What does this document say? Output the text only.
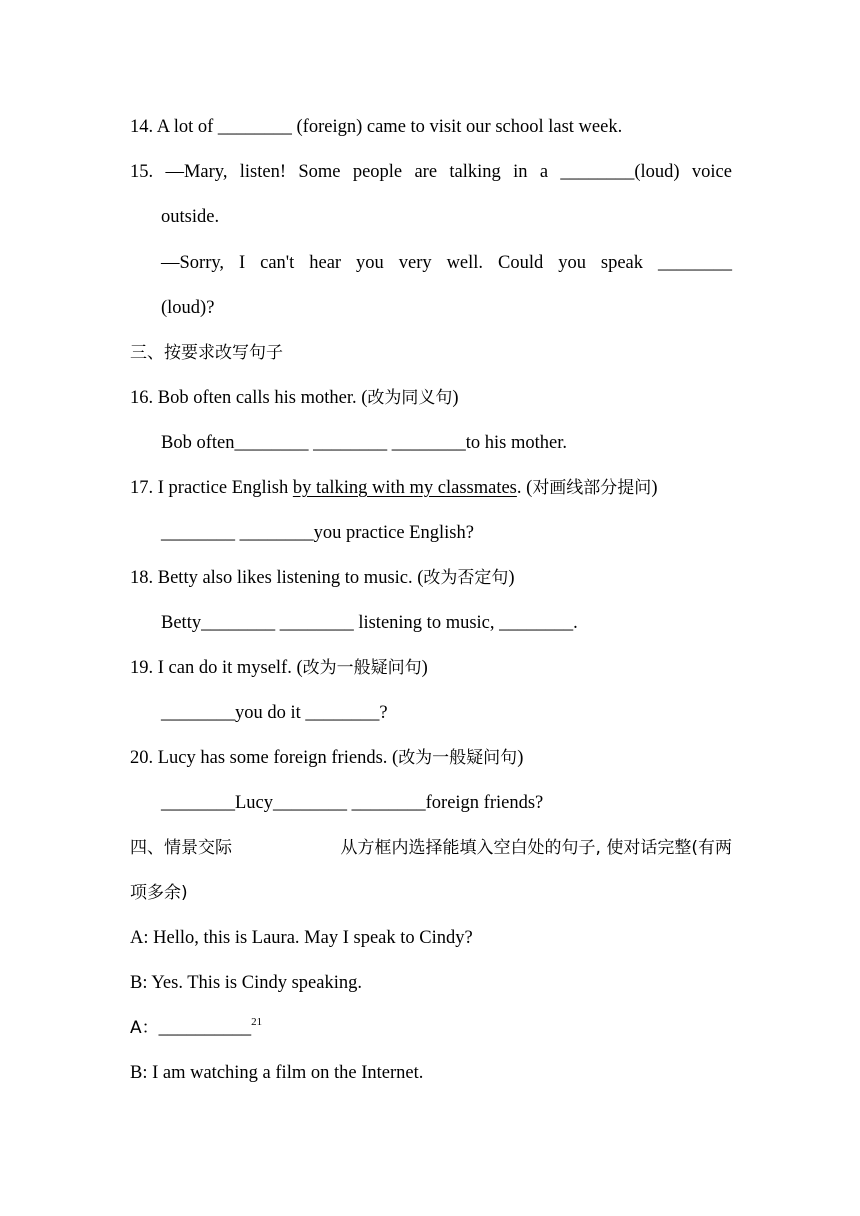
14. A lot of ________ (foreign) came to visit our school last week.
15. —Mary, listen! Some people are talking in a ________(loud) voice
outside.
—Sorry, I can't hear you very well. Could you speak ________
(loud)?
三、按要求改写句子
16. Bob often calls his mother. (改为同义句)
Bob often________ ________ ________to his mother.
17. I practice English by talking with my classmates. (对画线部分提问)
________ ________you practice English?
18. Betty also likes listening to music. (改为否定句)
Betty________ ________ listening to music, ________.
19. I can do it myself. (改为一般疑问句)
________you do it ________?
20. Lucy has some foreign friends. (改为一般疑问句)
________Lucy________ ________foreign friends?
四、情景交际	从方框内选择能填入空白处的句子, 使对话完整(有两
项多余)
A: Hello, this is Laura. May I speak to Cindy?
B: Yes. This is Cindy speaking.
A：__________$^{21}$
B: I am watching a film on the Internet.
